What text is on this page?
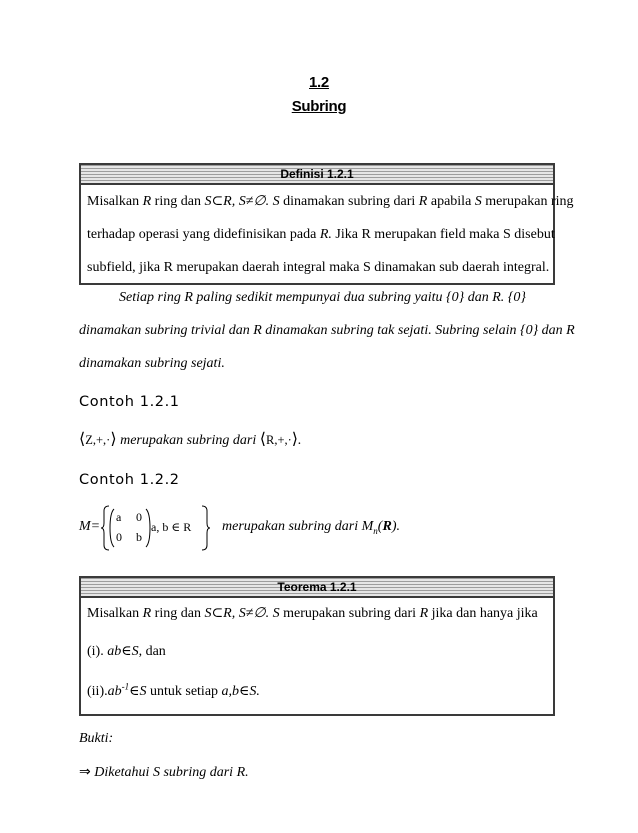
1.2
Subring
Definisi 1.2.1
Misalkan R ring dan S⊂R, S≠∅. S dinamakan subring dari R apabila S merupakan ring
terhadap operasi yang didefinisikan pada R. Jika R merupakan field maka S disebut
subfield, jika R merupakan daerah integral maka S dinamakan sub daerah integral.
Setiap ring R paling sedikit mempunyai dua subring yaitu {0} dan R. {0}
dinamakan subring trivial dan R dinamakan subring tak sejati. Subring selain {0} dan R
dinamakan subring sejati.
Contoh 1.2.1
⟨Z,+,·⟩ merupakan subring dari ⟨R,+,·⟩.
Contoh 1.2.2
M=
a 0
0 b
a, b ∈ R merupakan subring dari $M_n(R)$.
Teorema 1.2.1
Misalkan R ring dan S⊂R, S≠∅. S merupakan subring dari R jika dan hanya jika
(i). ab∈S, dan
$(ii).ab^{-1}\in S$ untuk setiap a,b∈S.
Bukti:
⇒ Diketahui S subring dari R.
